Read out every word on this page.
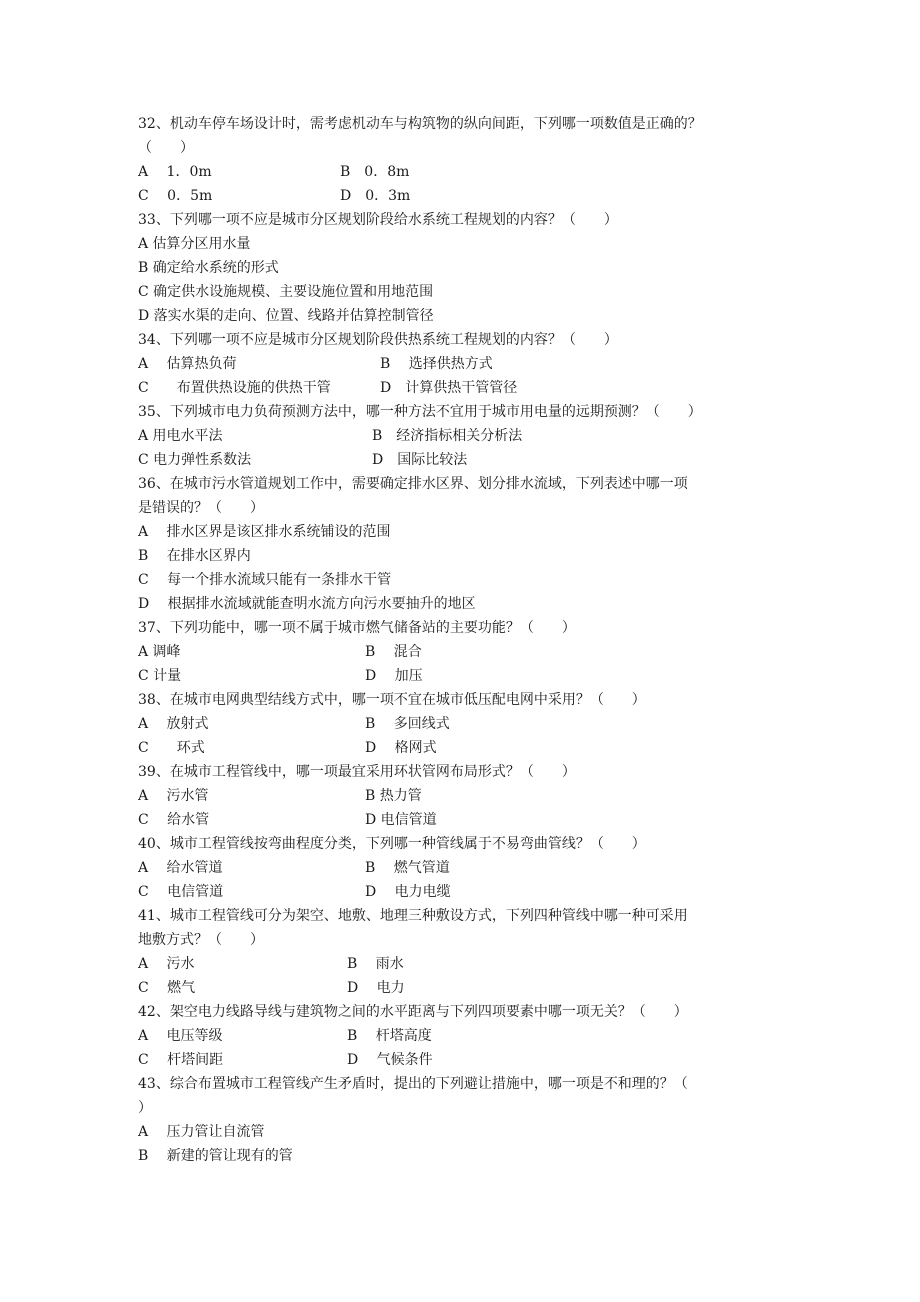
32、机动车停车场设计时，需考虑机动车与构筑物的纵向间距，下列哪一项数值是正确的？
（　　）
A　 1．0m	B　0．8m
C　 0．5m	D　0．3m
33、下列哪一项不应是城市分区规划阶段给水系统工程规划的内容？（　　）
A 估算分区用水量
B 确定给水系统的形式
C 确定供水设施规模、主要设施位置和用地范围
D 落实水渠的走向、位置、线路并估算控制管径
34、下列哪一项不应是城市分区规划阶段供热系统工程规划的内容？（　　）
A　 估算热负荷	B　 选择供热方式
C　　布置供热设施的供热干管	D　计算供热干管管径
35、下列城市电力负荷预测方法中，哪一种方法不宜用于城市用电量的远期预测？（　　）
A 用电水平法	B　经济指标相关分析法
C 电力弹性系数法	D　国际比较法
36、在城市污水管道规划工作中，需要确定排水区界、划分排水流域，下列表述中哪一项
是错误的？（　　）
A　 排水区界是该区排水系统铺设的范围
B　 在排水区界内
C　 每一个排水流域只能有一条排水干管
D　 根据排水流域就能查明水流方向污水要抽升的地区
37、下列功能中，哪一项不属于城市燃气储备站的主要功能？（　　）
A 调峰	B　 混合
C 计量	D　 加压
38、在城市电网典型结线方式中，哪一项不宜在城市低压配电网中采用？（　　）
A　 放射式	B　 多回线式
C　　环式	D　 格网式
39、在城市工程管线中，哪一项最宜采用环状管网布局形式？（　　）
A　 污水管	B 热力管
C　 给水管	D 电信管道
40、城市工程管线按弯曲程度分类，下列哪一种管线属于不易弯曲管线？（　　）
A　 给水管道	B　 燃气管道
C　 电信管道	D　 电力电缆
41、城市工程管线可分为架空、地敷、地理三种敷设方式，下列四种管线中哪一种可采用
地敷方式？（　　）
A　 污水	B　 雨水
C　 燃气	D　 电力
42、架空电力线路导线与建筑物之间的水平距离与下列四项要素中哪一项无关？（　　）
A　 电压等级	B　 杆塔高度
C　 杆塔间距	D　 气候条件
43、综合布置城市工程管线产生矛盾时，提出的下列避让措施中，哪一项是不和理的？（
）
A　 压力管让自流管
B　 新建的管让现有的管
